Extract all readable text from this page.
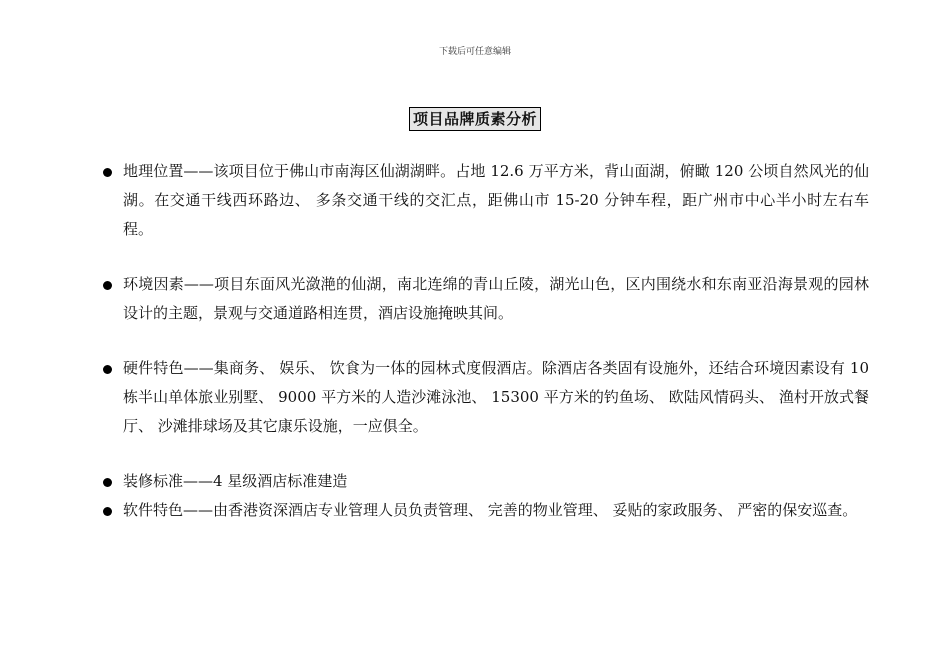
下载后可任意编辑
项目品牌质素分析
地理位置——该项目位于佛山市南海区仙湖湖畔。占地 12.6 万平方米，背山面湖，俯瞰 120 公顷自然风光的仙湖。在交通干线西环路边、 多条交通干线的交汇点，距佛山市 15-20 分钟车程，距广州市中心半小时左右车程。
环境因素——项目东面风光潋滟的仙湖，南北连绵的青山丘陵，湖光山色，区内围绕水和东南亚沿海景观的园林设计的主题，景观与交通道路相连贯，酒店设施掩映其间。
硬件特色——集商务、 娱乐、 饮食为一体的园林式度假酒店。除酒店各类固有设施外，还结合环境因素设有 10 栋半山单体旅业别墅、 9000 平方米的人造沙滩泳池、 15300 平方米的钓鱼场、 欧陆风情码头、 渔村开放式餐厅、 沙滩排球场及其它康乐设施，一应俱全。
装修标准——4 星级酒店标准建造
软件特色——由香港资深酒店专业管理人员负责管理、 完善的物业管理、 妥贴的家政服务、 严密的保安巡查。
